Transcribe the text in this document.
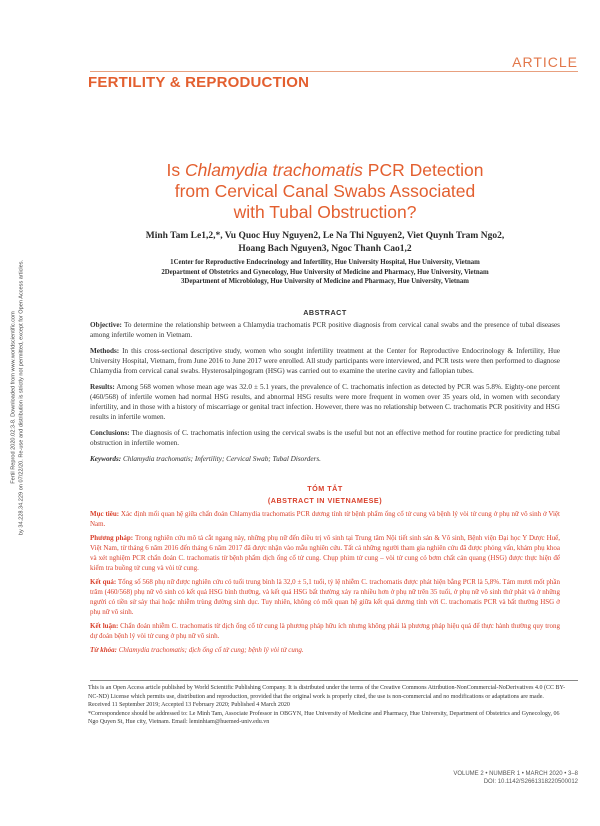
ARTICLE
FERTILITY & REPRODUCTION
Is Chlamydia trachomatis PCR Detection
from Cervical Canal Swabs Associated
with Tubal Obstruction?
Minh Tam Le1,2,*, Vu Quoc Huy Nguyen2, Le Na Thi Nguyen2, Viet Quynh Tram Ngo2,
Hoang Bach Nguyen3, Ngoc Thanh Cao1,2
1Center for Reproductive Endocrinology and Infertility, Hue University Hospital, Hue University, Vietnam
2Department of Obstetrics and Gynecology, Hue University of Medicine and Pharmacy, Hue University, Vietnam
3Department of Microbiology, Hue University of Medicine and Pharmacy, Hue University, Vietnam
ABSTRACT

Objective: To determine the relationship between a Chlamydia trachomatis PCR positive diagnosis from cervical canal swabs and the presence of tubal diseases among infertile women in Vietnam.

Methods: In this cross-sectional descriptive study, women who sought infertility treatment at the Center for Reproductive Endocrinology & Infertility, Hue University Hospital, Vietnam, from June 2016 to June 2017 were enrolled. All study participants were interviewed, and PCR tests were then performed to diagnose Chlamydia from cervical canal swabs. Hysterosalpingogram (HSG) was carried out to examine the uterine cavity and fallopian tubes.

Results: Among 568 women whose mean age was 32.0 ± 5.1 years, the prevalence of C. trachomatis infection as detected by PCR was 5.8%. Eighty-one percent (460/568) of infertile women had normal HSG results, and abnormal HSG results were more frequent in women over 35 years old, in women with secondary infertility, and in those with a history of miscarriage or genital tract infection. However, there was no relationship between C. trachomatis PCR positivity and HSG results in infertile women.

Conclusions: The diagnosis of C. trachomatis infection using the cervical swabs is the useful but not an effective method for routine practice for predicting tubal obstruction in infertile women.

Keywords: Chlamydia trachomatis; Infertility; Cervical Swab; Tubal Disorders.

TÓM TẮT
(ABSTRACT IN VIETNAMESE)

Mục tiêu: Xác định mối quan hệ giữa chẩn đoán Chlamydia trachomatis PCR dương tính từ bệnh phẩm ống cổ tử cung và bệnh lý vòi tử cung ở phụ nữ vô sinh ở Việt Nam.

Phương pháp: Trong nghiên cứu mô tả cắt ngang này, những phụ nữ đến điều trị vô sinh tại Trung tâm Nội tiết sinh sản & Vô sinh, Bệnh viện Đại học Y Dược Huế, Việt Nam, từ tháng 6 năm 2016 đến tháng 6 năm 2017 đã được nhận vào mẫu nghiên cứu. Tất cả những người tham gia nghiên cứu đã được phỏng vấn, khám phụ khoa và xét nghiệm PCR chẩn đoán C. trachomatis từ bệnh phẩm dịch ống cổ tử cung. Chụp phim tử cung – vòi tử cung có bơm chất cản quang (HSG) được thực hiện để kiểm tra buồng tử cung và vòi tử cung.

Kết quả: Tổng số 568 phụ nữ được nghiên cứu có tuổi trung bình là 32,0 ± 5,1 tuổi, tỷ lệ nhiễm C. trachomatis được phát hiện bằng PCR là 5,8%. Tám mươi mốt phần trăm (460/568) phụ nữ vô sinh có kết quả HSG bình thường, và kết quả HSG bất thường xảy ra nhiều hơn ở phụ nữ trên 35 tuổi, ở phụ nữ vô sinh thứ phát và ở những người có tiền sử sảy thai hoặc nhiễm trùng đường sinh dục. Tuy nhiên, không có mối quan hệ giữa kết quả dương tính với C. trachomatis PCR và bất thường HSG ở phụ nữ vô sinh.

Kết luận: Chẩn đoán nhiễm C. trachomatis từ dịch ống cổ tử cung là phương pháp hữu ích nhưng không phải là phương pháp hiệu quả để thực hành thường quy trong dự đoán bệnh lý vòi tử cung ở phụ nữ vô sinh.

Từ khóa: Chlamydia trachomatis; dịch ống cổ tử cung; bệnh lý vòi tử cung.

Fertil Reprod 2020.02:3-8. Downloaded from www.worldscientific.com by 34.228.34.229 on 07/22/20. Re-use and distribution is strictly not permitted, except for Open Access articles.

This is an Open Access article published by World Scientific Publishing Company. It is distributed under the terms of the Creative Commons Attribution-NonCommercial-NoDerivatives 4.0 (CC BY-NC-ND) License which permits use, distribution and reproduction, provided that the original work is properly cited, the use is non-commercial and no modifications or adaptations are made.

Received 11 September 2019; Accepted 13 February 2020; Published 4 March 2020

*Correspondence should be addressed to: Le Minh Tam, Associate Professor in OBGYN, Hue University of Medicine and Pharmacy, Hue University, Department of Obstetrics and Gynecology, 06 Ngo Quyen St, Hue city, Vietnam. Email: leminhtam@huemed-univ.edu.vn

VOLUME 2 • NUMBER 1 • MARCH 2020 • 3–8
DOI: 10.1142/S2661318220500012
